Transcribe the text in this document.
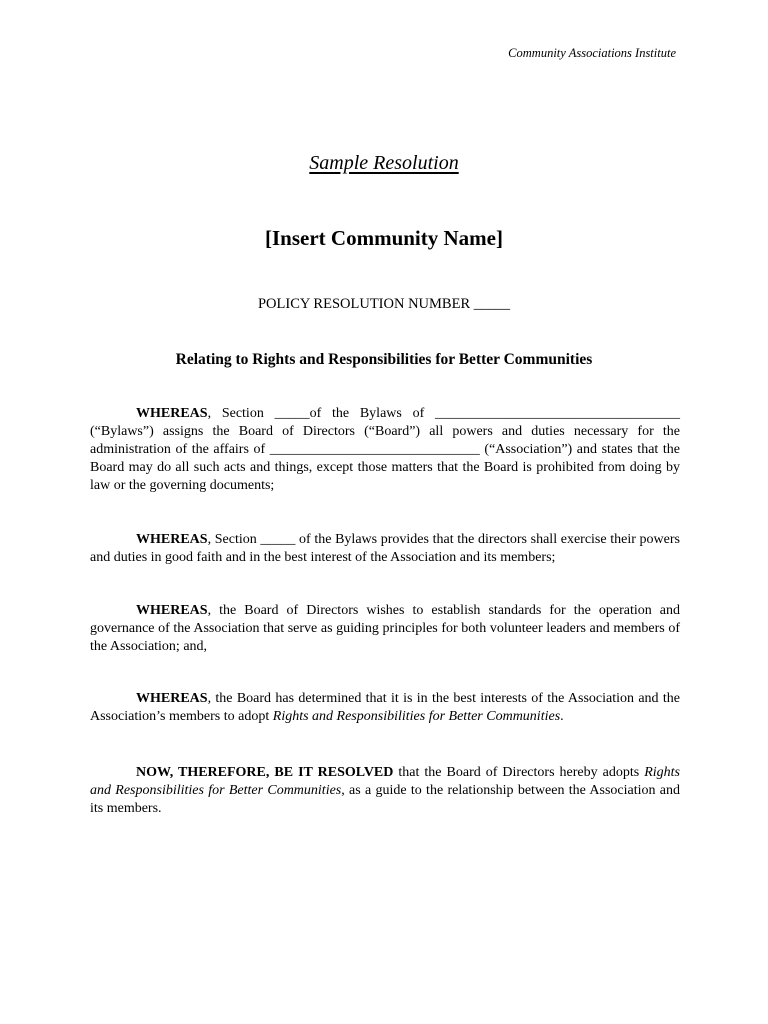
Community Associations Institute
Sample Resolution
[Insert Community Name]
POLICY RESOLUTION NUMBER _____
Relating to Rights and Responsibilities for Better Communities
WHEREAS, Section _____of the Bylaws of ___________________________________ (“Bylaws”) assigns the Board of Directors (“Board”) all powers and duties necessary for the administration of the affairs of ______________________________ (“Association”) and states that the Board may do all such acts and things, except those matters that the Board is prohibited from doing by law or the governing documents;
WHEREAS, Section _____ of the Bylaws provides that the directors shall exercise their powers and duties in good faith and in the best interest of the Association and its members;
WHEREAS, the Board of Directors wishes to establish standards for the operation and governance of the Association that serve as guiding principles for both volunteer leaders and members of the Association; and,
WHEREAS, the Board has determined that it is in the best interests of the Association and the Association’s members to adopt Rights and Responsibilities for Better Communities.
NOW, THEREFORE, BE IT RESOLVED that the Board of Directors hereby adopts Rights and Responsibilities for Better Communities, as a guide to the relationship between the Association and its members.
